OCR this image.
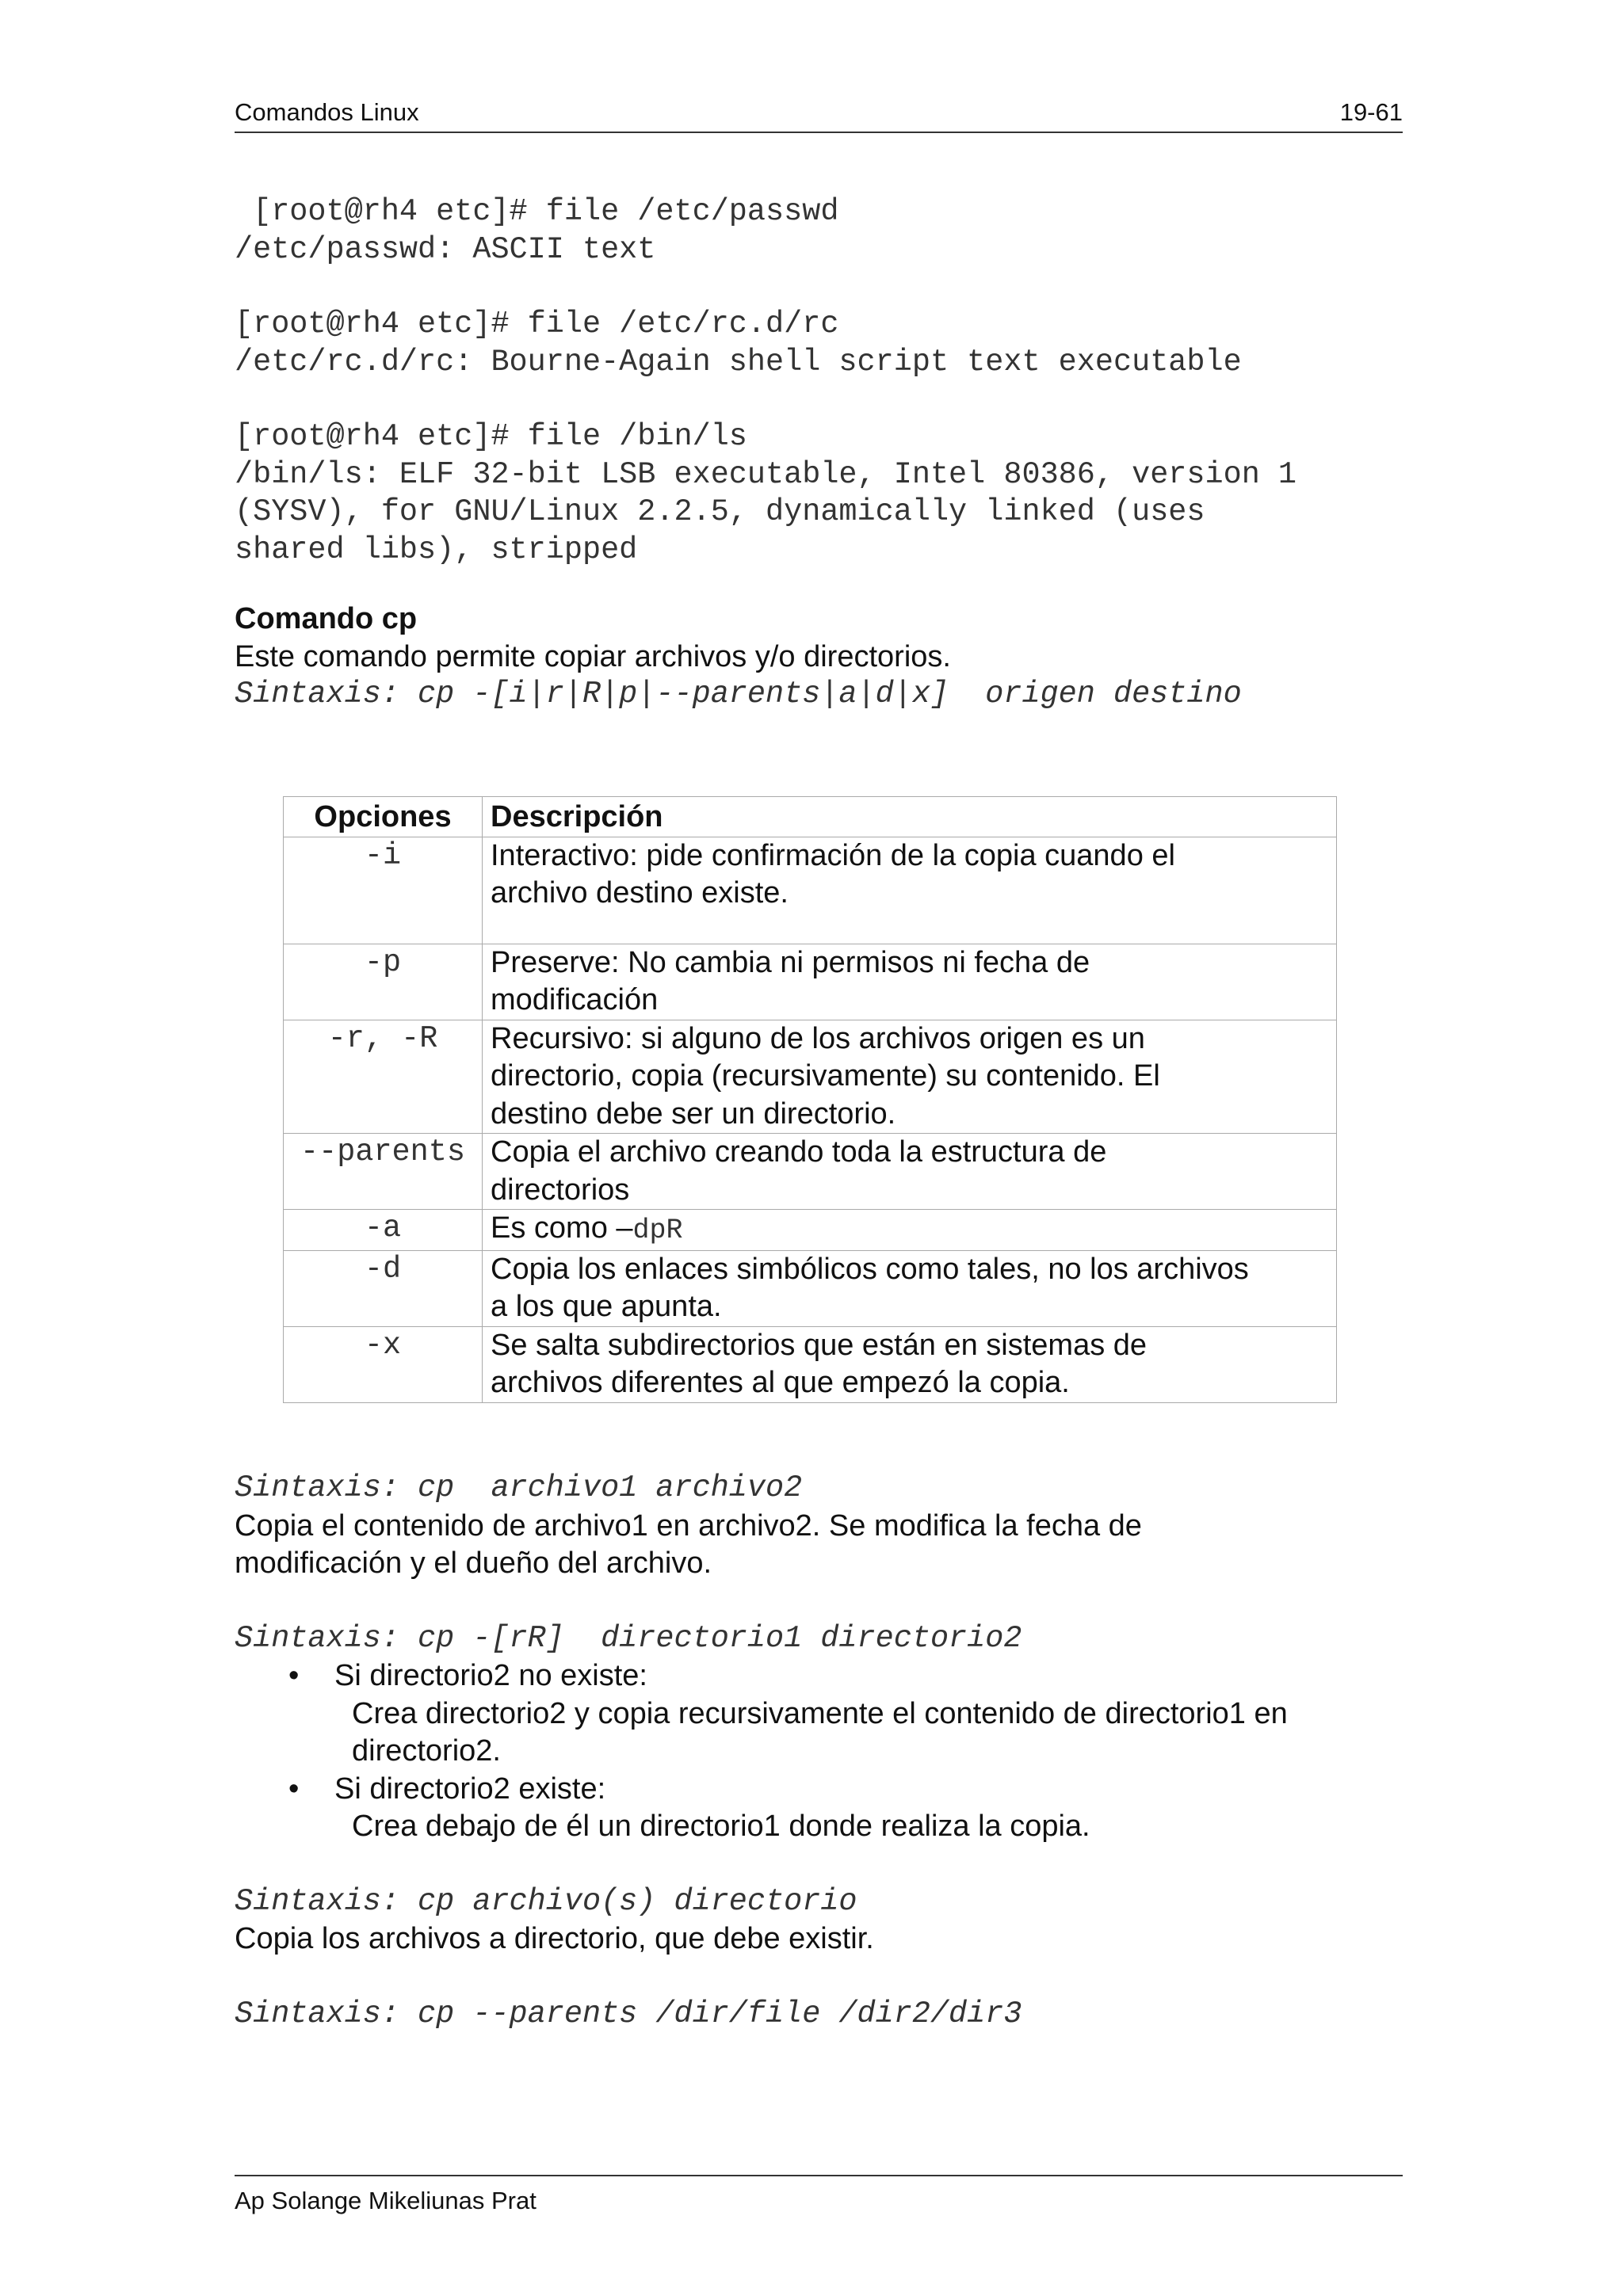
Comandos Linux	19-61

[root@rh4 etc]# file /etc/passwd

/etc/passwd: ASCII text

[root@rh4 etc]# file /etc/rc.d/rc

/etc/rc.d/rc: Bourne-Again shell script text executable

[root@rh4 etc]# file /bin/ls

/bin/ls: ELF 32-bit LSB executable, Intel 80386, version 1

(SYSV), for GNU/Linux 2.2.5, dynamically linked (uses

shared libs), stripped

Comando cp

Este comando permite copiar archivos y/o directorios.

Sintaxis: cp -[i|r|R|p|--parents|a|d|x]  origen destino

Opciones	Descripción
-i	Interactivo: pide confirmación de la copia cuando el
archivo destino existe.

-p	Preserve: No cambia ni permisos ni fecha de
modificación

-r, -R	Recursivo: si alguno de los archivos origen es un
directorio, copia (recursivamente) su contenido. El
destino debe ser un directorio.

--parents	Copia el archivo creando toda la estructura de
directorios

-a	Es como –dpR
-d	Copia los enlaces simbólicos como tales, no los archivos
a los que apunta.

-x	Se salta subdirectorios que están en sistemas de
archivos diferentes al que empezó la copia.

Sintaxis: cp  archivo1 archivo2

Copia el contenido de archivo1 en archivo2. Se modifica la fecha de

modificación y el dueño del archivo.

Sintaxis: cp -[rR]  directorio1 directorio2

• Si directorio2 no existe:
Crea directorio2 y copia recursivamente el contenido de directorio1 en
directorio2.
• Si directorio2 existe:
Crea debajo de él un directorio1 donde realiza la copia.

Sintaxis: cp archivo(s) directorio

Copia los archivos a directorio, que debe existir.

Sintaxis: cp --parents /dir/file /dir2/dir3

Ap Solange Mikeliunas Prat
